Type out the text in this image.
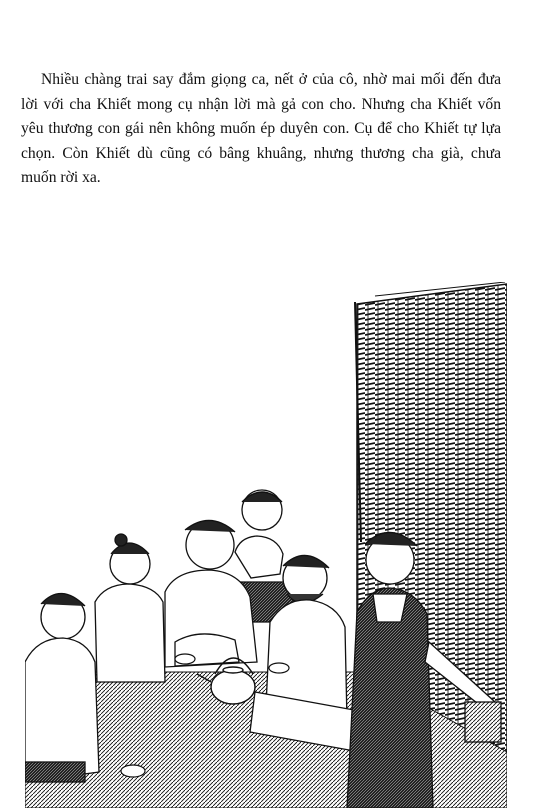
Nhiều chàng trai say đắm giọng ca, nết ở của cô, nhờ mai mối đến đưa lời với cha Khiết mong cụ nhận lời mà gả con cho. Nhưng cha Khiết vốn yêu thương con gái nên không muốn ép duyên con. Cụ để cho Khiết tự lựa chọn. Còn Khiết dù cũng có bâng khuâng, nhưng thương cha già, chưa muốn rời xa.
